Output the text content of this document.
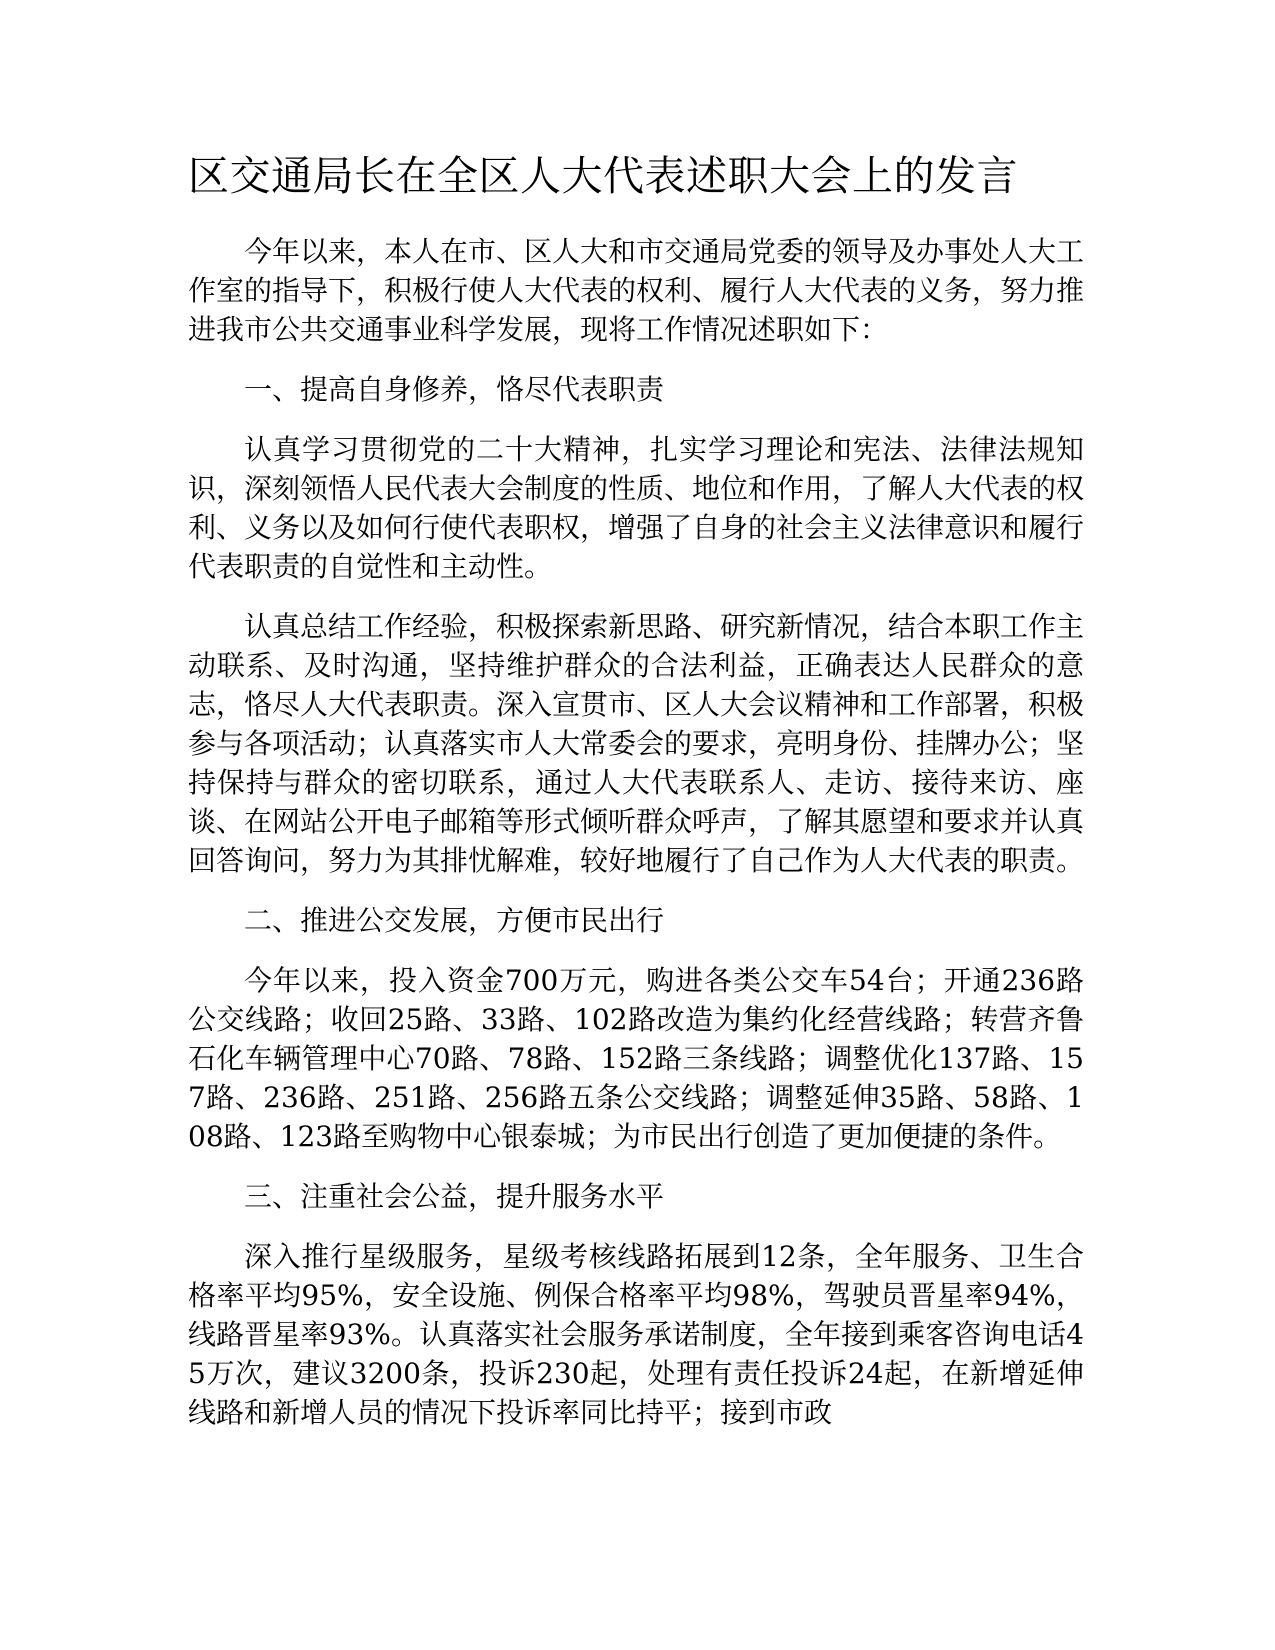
区交通局长在全区人大代表述职大会上的发言

今年以来，本人在市、区人大和市交通局党委的领导及办事处人大工作室的指导下，积极行使人大代表的权利、履行人大代表的义务，努力推进我市公共交通事业科学发展，现将工作情况述职如下：

一、提高自身修养，恪尽代表职责

认真学习贯彻党的二十大精神，扎实学习理论和宪法、法律法规知识，深刻领悟人民代表大会制度的性质、地位和作用，了解人大代表的权利、义务以及如何行使代表职权，增强了自身的社会主义法律意识和履行代表职责的自觉性和主动性。

认真总结工作经验，积极探索新思路、研究新情况，结合本职工作主动联系、及时沟通，坚持维护群众的合法利益，正确表达人民群众的意志，恪尽人大代表职责。深入宣贯市、区人大会议精神和工作部署，积极参与各项活动；认真落实市人大常委会的要求，亮明身份、挂牌办公；坚持保持与群众的密切联系，通过人大代表联系人、走访、接待来访、座谈、在网站公开电子邮箱等形式倾听群众呼声，了解其愿望和要求并认真回答询问，努力为其排忧解难，较好地履行了自己作为人大代表的职责。

二、推进公交发展，方便市民出行

今年以来，投入资金700万元，购进各类公交车54台；开通236路公交线路；收回25路、33路、102路改造为集约化经营线路；转营齐鲁石化车辆管理中心70路、78路、152路三条线路；调整优化137路、157路、236路、251路、256路五条公交线路；调整延伸35路、58路、108路、123路至购物中心银泰城；为市民出行创造了更加便捷的条件。

三、注重社会公益，提升服务水平

深入推行星级服务，星级考核线路拓展到12条，全年服务、卫生合格率平均95%，安全设施、例保合格率平均98%，驾驶员晋星率94%，线路晋星率93%。认真落实社会服务承诺制度，全年接到乘客咨询电话45万次，建议3200条，投诉230起，处理有责任投诉24起，在新增延伸线路和新增人员的情况下投诉率同比持平；接到市政
